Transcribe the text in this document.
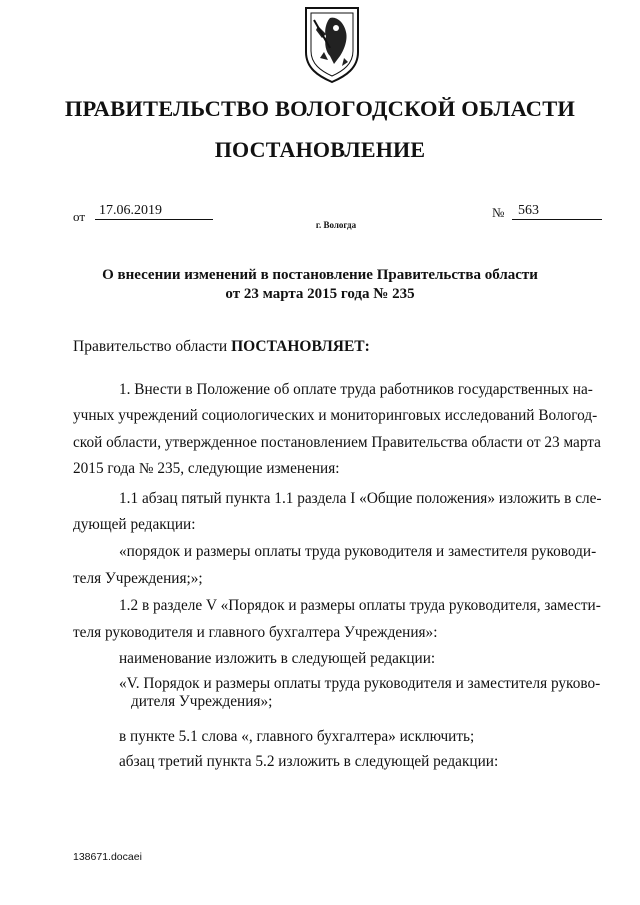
ПРАВИТЕЛЬСТВО ВОЛОГОДСКОЙ ОБЛАСТИ
ПОСТАНОВЛЕНИЕ
от 17.06.2019	№ 563
г. Вологда
О внесении изменений в постановление Правительства области
от 23 марта 2015 года № 235
Правительство области ПОСТАНОВЛЯЕТ:
1. Внести в Положение об оплате труда работников государственных на-
учных учреждений социологических и мониторинговых исследований Вологод-
ской области, утвержденное постановлением Правительства области от 23 марта
2015 года № 235, следующие изменения:
1.1 абзац пятый пункта 1.1 раздела I «Общие положения» изложить в сле-
дующей редакции:
«порядок и размеры оплаты труда руководителя и заместителя руководи-
теля Учреждения;»;
1.2 в разделе V «Порядок и размеры оплаты труда руководителя, замести-
теля руководителя и главного бухгалтера Учреждения»:
наименование изложить в следующей редакции:
«V. Порядок и размеры оплаты труда руководителя и заместителя руково-
дителя Учреждения»;
в пункте 5.1 слова «, главного бухгалтера» исключить;
абзац третий пункта 5.2 изложить в следующей редакции:
138671.docaei
